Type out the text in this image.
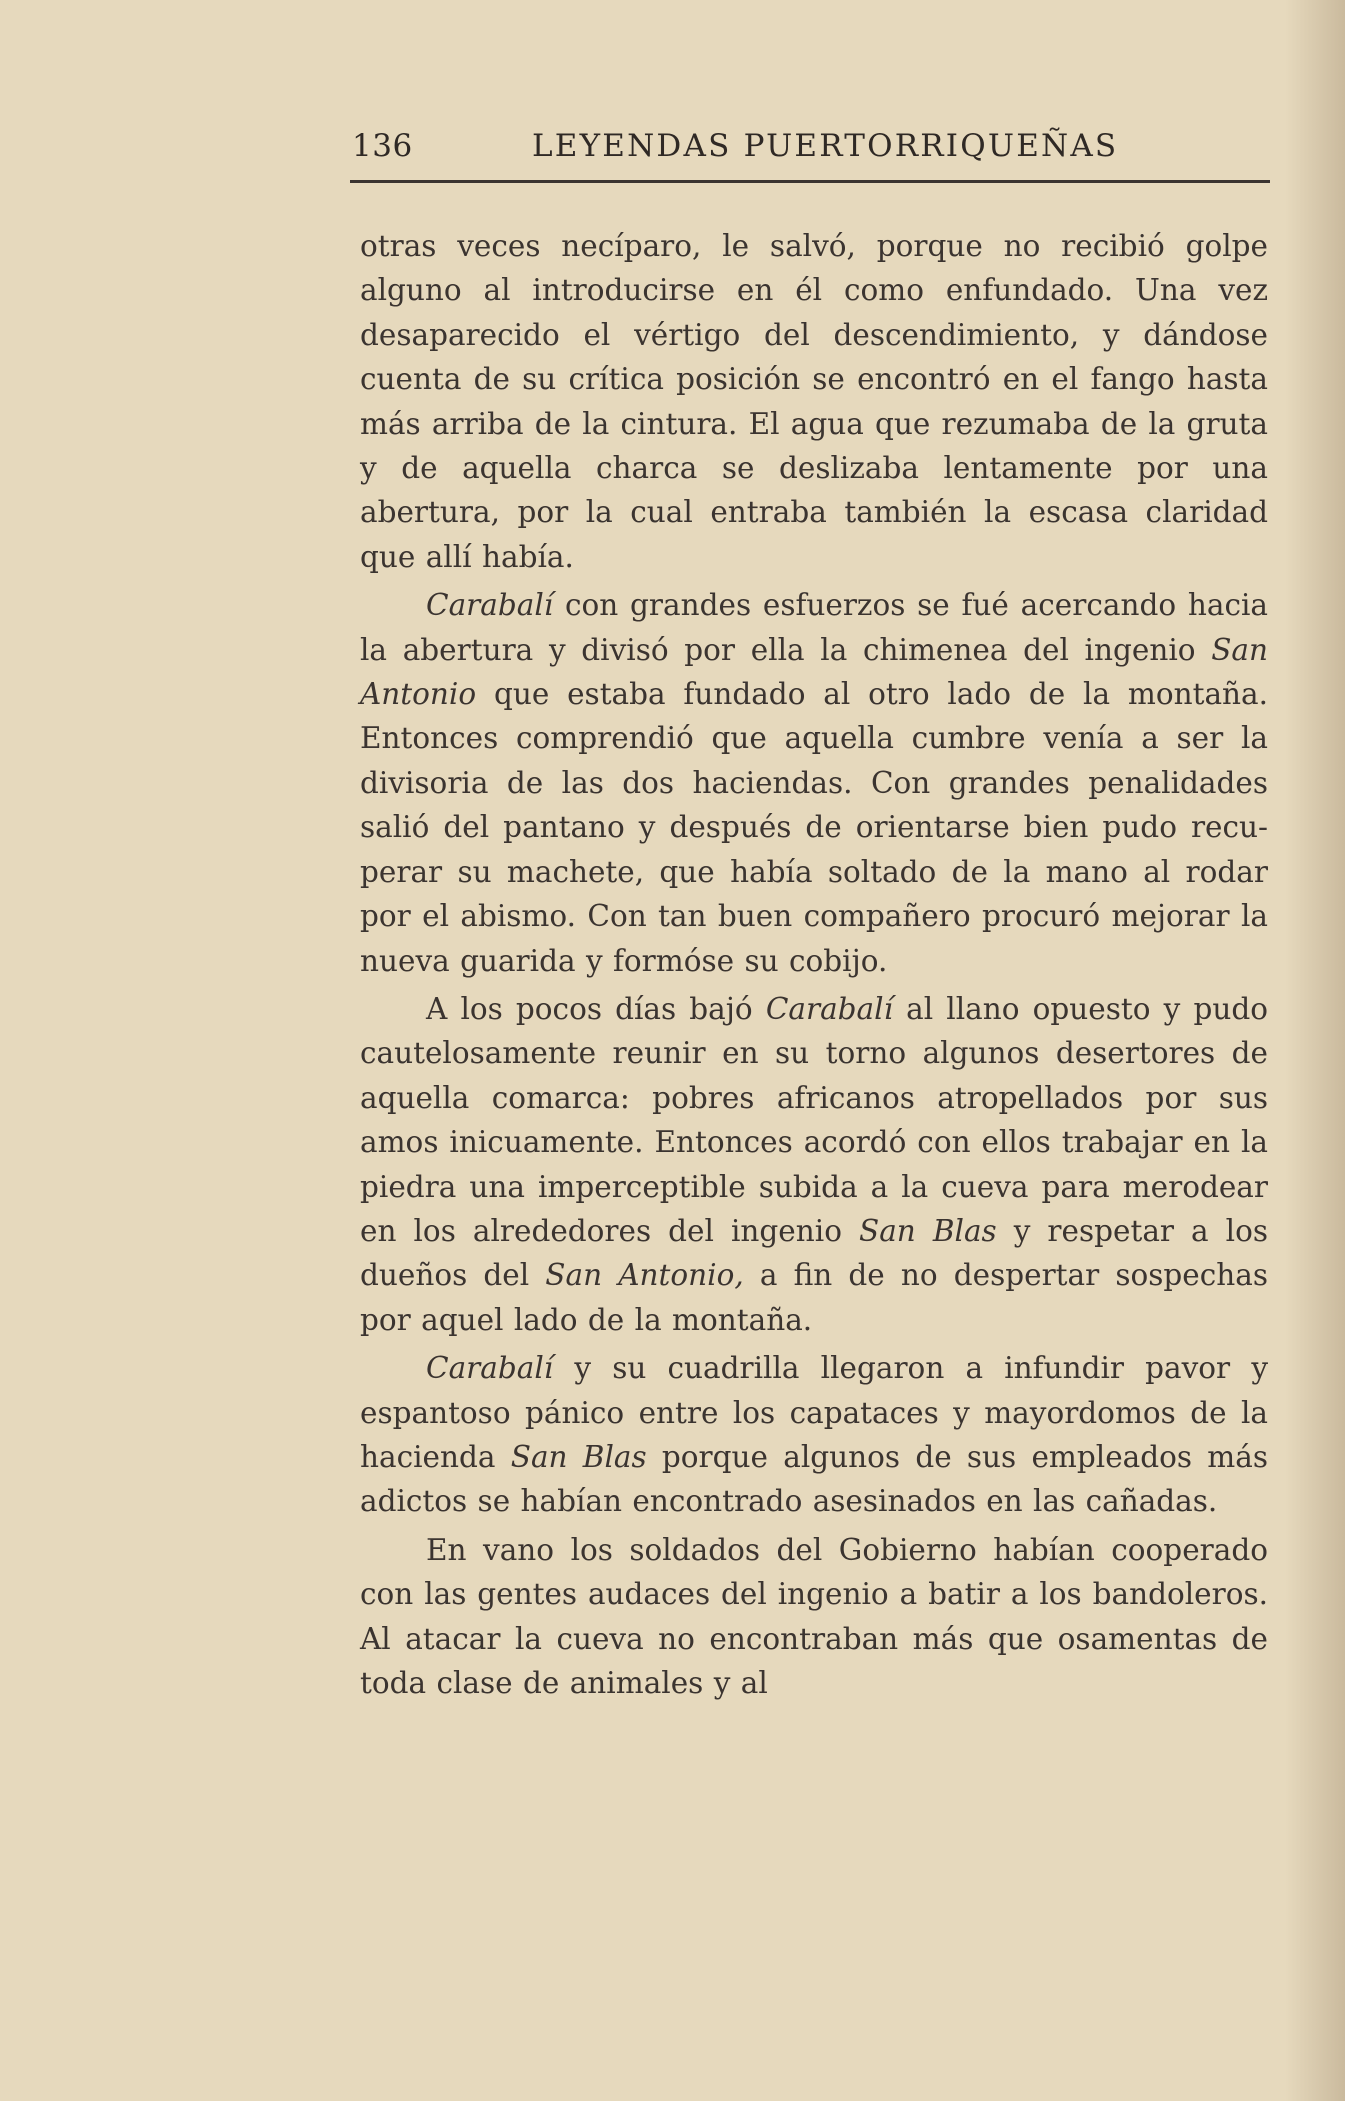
136	LEYENDAS PUERTORRIQUEÑAS

otras veces necíparo, le salvó, porque no recibió golpe alguno al introducirse en él como enfundado. Una vez desaparecido el vértigo del descendimiento, y dándose cuenta de su crítica posición se encontró en el fango hasta más arriba de la cintura. El agua que rezumaba de la gruta y de aquella charca se deslizaba lentamente por una abertura, por la cual entraba también la escasa claridad que allí había.

Carabalí con grandes esfuerzos se fué acercando hacia la abertura y divisó por ella la chimenea del ingenio San Antonio que estaba fundado al otro lado de la montaña. Entonces comprendió que aquella cumbre venía a ser la divisoria de las dos haciendas. Con grandes penalidades salió del pantano y después de orientarse bien pudo recuperar su machete, que había soltado de la mano al rodar por el abismo. Con tan buen compañero procuró mejorar la nueva guarida y formóse su cobijo.

A los pocos días bajó Carabalí al llano opuesto y pudo cautelosamente reunir en su torno algunos desertores de aquella comarca: pobres africanos atropellados por sus amos inicuamente. Entonces acordó con ellos trabajar en la piedra una imperceptible subida a la cueva para merodear en los alrededores del ingenio San Blas y respetar a los dueños del San Antonio, a fin de no despertar sospechas por aquel lado de la montaña.

Carabalí y su cuadrilla llegaron a infundir pavor y espantoso pánico entre los capataces y mayordomos de la hacienda San Blas porque algunos de sus empleados más adictos se habían encontrado asesinados en las cañadas.

En vano los soldados del Gobierno habían cooperado con las gentes audaces del ingenio a batir a los bandoleros. Al atacar la cueva no encontraban más que osamentas de toda clase de animales y al
